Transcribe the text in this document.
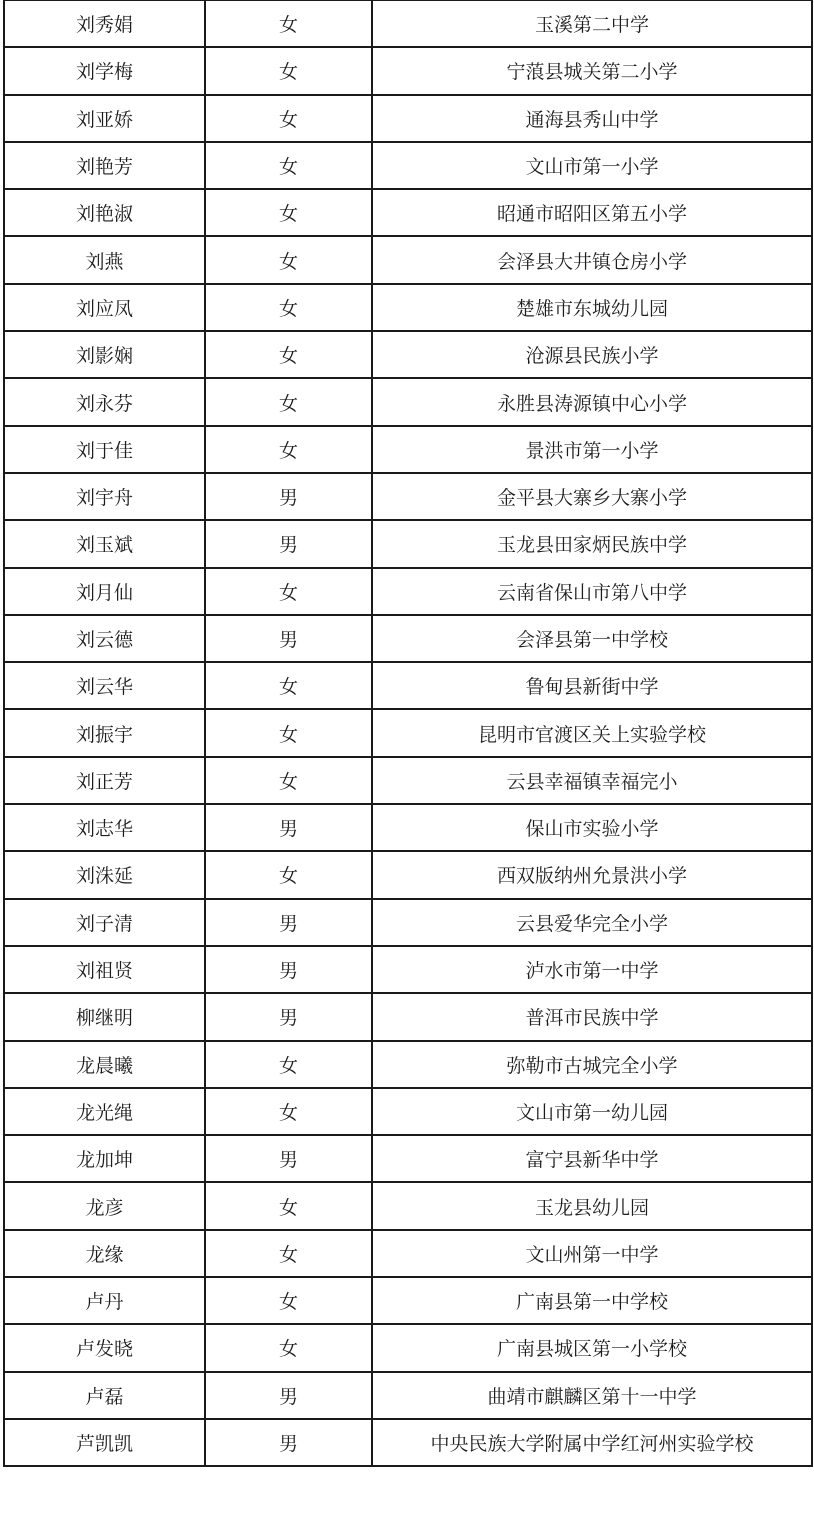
刘秀娟	女	玉溪第二中学
刘学梅	女	宁蒗县城关第二小学
刘亚娇	女	通海县秀山中学
刘艳芳	女	文山市第一小学
刘艳淑	女	昭通市昭阳区第五小学
刘燕	女	会泽县大井镇仓房小学
刘应凤	女	楚雄市东城幼儿园
刘影娴	女	沧源县民族小学
刘永芬	女	永胜县涛源镇中心小学
刘于佳	女	景洪市第一小学
刘宇舟	男	金平县大寨乡大寨小学
刘玉斌	男	玉龙县田家炳民族中学
刘月仙	女	云南省保山市第八中学
刘云德	男	会泽县第一中学校
刘云华	女	鲁甸县新街中学
刘振宇	女	昆明市官渡区关上实验学校
刘正芳	女	云县幸福镇幸福完小
刘志华	男	保山市实验小学
刘洙延	女	西双版纳州允景洪小学
刘子清	男	云县爱华完全小学
刘祖贤	男	泸水市第一中学
柳继明	男	普洱市民族中学
龙晨曦	女	弥勒市古城完全小学
龙光绳	女	文山市第一幼儿园
龙加坤	男	富宁县新华中学
龙彦	女	玉龙县幼儿园
龙缘	女	文山州第一中学
卢丹	女	广南县第一中学校
卢发晓	女	广南县城区第一小学校
卢磊	男	曲靖市麒麟区第十一中学
芦凯凯	男	中央民族大学附属中学红河州实验学校
